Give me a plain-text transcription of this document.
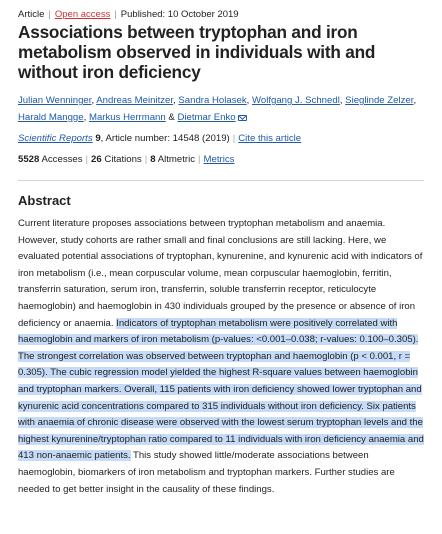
Article | Open access | Published: 10 October 2019
Associations between tryptophan and iron metabolism observed in individuals with and without iron deficiency
Julian Wenninger, Andreas Meinitzer, Sandra Holasek, Wolfgang J. Schnedl, Sieglinde Zelzer, Harald Mangge, Markus Herrmann & Dietmar Enko
Scientific Reports 9, Article number: 14548 (2019) | Cite this article
5528 Accesses | 26 Citations | 8 Altmetric | Metrics
Abstract

Current literature proposes associations between tryptophan metabolism and anaemia. However, study cohorts are rather small and final conclusions are still lacking. Here, we evaluated potential associations of tryptophan, kynurenine, and kynurenic acid with indicators of iron metabolism (i.e., mean corpuscular volume, mean corpuscular haemoglobin, ferritin, transferrin saturation, serum iron, transferrin, soluble transferrin receptor, reticulocyte haemoglobin) and haemoglobin in 430 individuals grouped by the presence or absence of iron deficiency or anaemia. Indicators of tryptophan metabolism were positively correlated with haemoglobin and markers of iron metabolism (p-values: <0.001–0.038; r-values: 0.100–0.305). The strongest correlation was observed between tryptophan and haemoglobin (p < 0.001, r = 0.305). The cubic regression model yielded the highest R-square values between haemoglobin and tryptophan markers. Overall, 115 patients with iron deficiency showed lower tryptophan and kynurenic acid concentrations compared to 315 individuals without iron deficiency. Six patients with anaemia of chronic disease were observed with the lowest serum tryptophan levels and the highest kynurenine/tryptophan ratio compared to 11 individuals with iron deficiency anaemia and 413 non-anaemic patients. This study showed little/moderate associations between haemoglobin, biomarkers of iron metabolism and tryptophan markers. Further studies are needed to get better insight in the causality of these findings.
